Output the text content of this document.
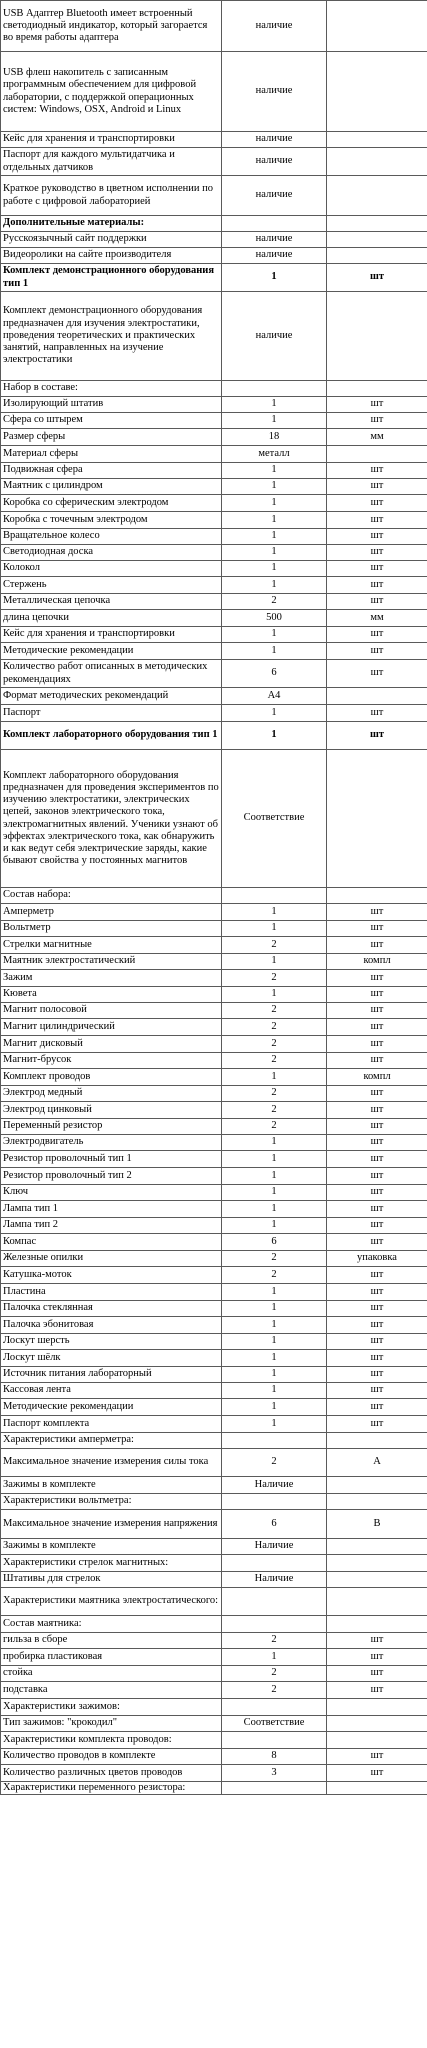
USB Адаптер Bluetooth имеет встроенный светодиодный индикатор, который загорается во время работы адаптера	наличие	
USB флеш накопитель с записанным программным обеспечением для цифровой лаборатории, с поддержкой операционных систем: Windows, OSX, Android и Linux	наличие	
Кейс для хранения и транспортировки	наличие	
Паспорт для каждого мультидатчика и отдельных датчиков	наличие	
Краткое руководство в цветном исполнении по работе с цифровой лабораторией	наличие	
Дополнительные материалы:		
Русскоязычный сайт поддержки	наличие	
Видеоролики на сайте производителя	наличие	
Комплект демонстрационного оборудования тип 1	1	шт
Комплект демонстрационного оборудования предназначен для изучения электростатики, проведения теоретических и практических занятий, направленных на изучение электростатики	наличие	
Набор в составе:		
Изолирующий штатив	1	шт
Сфера со штырем	1	шт
Размер сферы	18	мм
Материал сферы	металл	
Подвижная сфера	1	шт
Маятник с цилиндром	1	шт
Коробка со сферическим электродом	1	шт
Коробка с точечным электродом	1	шт
Вращательное колесо	1	шт
Светодиодная доска	1	шт
Колокол	1	шт
Стержень	1	шт
Металлическая цепочка	2	шт
длина цепочки	500	мм
Кейс для хранения и транспортировки	1	шт
Методические рекомендации	1	шт
Количество работ описанных в методических рекомендациях	6	шт
Формат методических рекомендаций	А4	
Паспорт	1	шт
Комплект лабораторного оборудования тип 1	1	шт
Комплект лабораторного оборудования предназначен для проведения экспериментов по изучению электростатики, электрических цепей, законов электрического тока, электромагнитных явлений. Ученики узнают об эффектах электрического тока, как обнаружить и как ведут себя электрические заряды, какие бывают свойства у постоянных магнитов	Соответствие	
Состав набора:		
Амперметр	1	шт
Вольтметр	1	шт
Стрелки магнитные	2	шт
Маятник электростатический	1	компл
Зажим	2	шт
Кювета	1	шт
Магнит полосовой	2	шт
Магнит цилиндрический	2	шт
Магнит дисковый	2	шт
Магнит-брусок	2	шт
Комплект проводов	1	компл
Электрод медный	2	шт
Электрод цинковый	2	шт
Переменный резистор	2	шт
Электродвигатель	1	шт
Резистор проволочный тип 1	1	шт
Резистор проволочный тип 2	1	шт
Ключ	1	шт
Лампа тип 1	1	шт
Лампа тип 2	1	шт
Компас	6	шт
Железные опилки	2	упаковка
Катушка-моток	2	шт
Пластина	1	шт
Палочка стеклянная	1	шт
Палочка эбонитовая	1	шт
Лоскут шерсть	1	шт
Лоскут шёлк	1	шт
Источник питания лабораторный	1	шт
Кассовая лента	1	шт
Методические рекомендации	1	шт
Паспорт комплекта	1	шт
Характеристики амперметра:		
Максимальное значение измерения силы тока	2	А
Зажимы в комплекте	Наличие	
Характеристики вольтметра:		
Максимальное значение измерения напряжения	6	В
Зажимы в комплекте	Наличие	
Характеристики стрелок магнитных:		
Штативы для стрелок	Наличие	
Характеристики маятника электростатического:		
Состав маятника:		
гильза в сборе	2	шт
пробирка пластиковая	1	шт
стойка	2	шт
подставка	2	шт
Характеристики зажимов:		
Тип зажимов: "крокодил"	Соответствие	
Характеристики комплекта проводов:		
Количество проводов в комплекте	8	шт
Количество различных цветов проводов	3	шт
Характеристики переменного резистора:		
